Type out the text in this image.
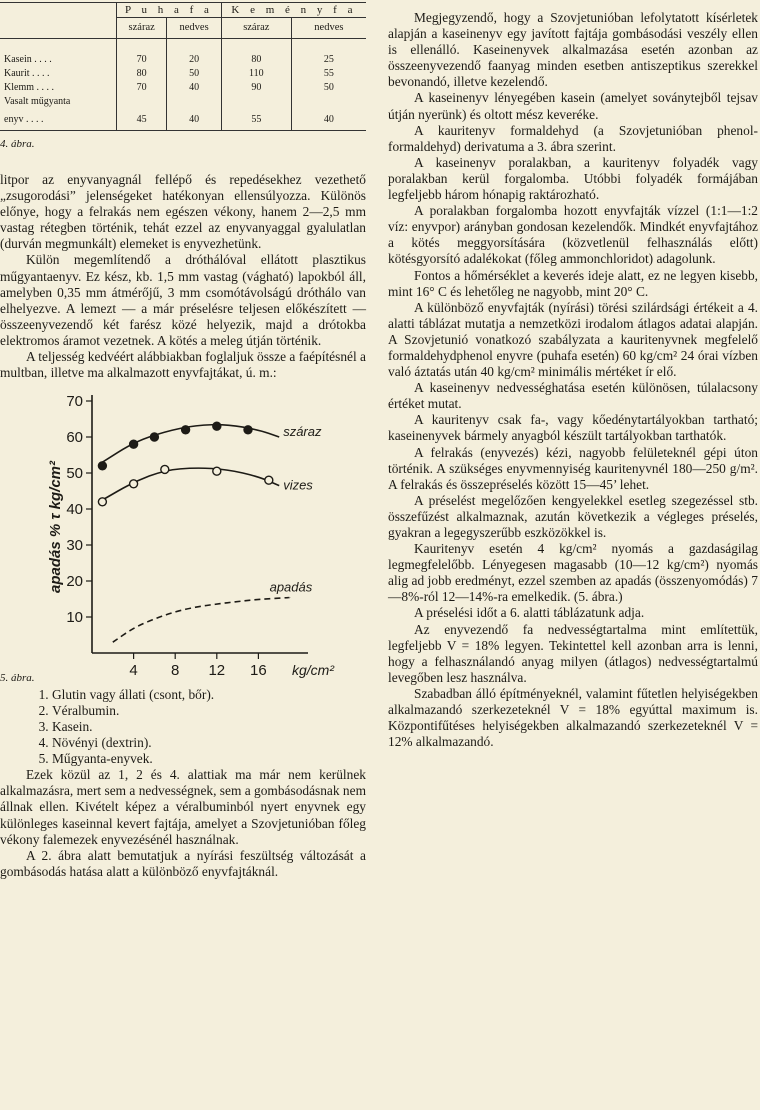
	P u h a f a		K e m é n y f a	
	száraz	nedves	száraz	nedves

Kasein . . . .	70	20	80	25
Kaurit . . . .	80	50	110	55
Klemm . . . .	70	40	90	50
Vasalt műgyanta				
enyv . . . .	45	40	55	40

4. ábra.

litpor az enyvanyagnál fellépő és repedésekhez vezethető „zsugorodási” jelenségeket hatékonyan ellensúlyozza. Különös előnye, hogy a felrakás nem egészen vékony, hanem 2—2,5 mm vastag rétegben történik, tehát ezzel az enyvanyaggal gyalulatlan (durván megmunkált) elemeket is enyvezhetünk.

Külön megemlítendő a dróthálóval ellátott plasztikus műgyantaenyv. Ez kész, kb. 1,5 mm vastag (vágható) lapokból áll, amelyben 0,35 mm átmérőjű, 3 mm csomótávolságú dróthálo van elhelyezve. A lemezt — a már préselésre teljesen előkészített — összeenyvezendő két farész közé helyezik, majd a drótokba elektromos áramot vezetnek. A kötés a meleg útján történik.

A teljesség kedvéért alábbiakban foglaljuk össze a faépítésnél a multban, illetve ma alkalmazott enyvfajtákat, ú. m.:

10
20
30
40
50
60
70
4 8 12 16 kg/cm²
apadás % τ kg/cm²
száraz
vizes
apadás
5. ábra.
1. Glutin vagy állati (csont, bőr).
2. Véralbumin.
3. Kasein.
4. Növényi (dextrin).
5. Műgyanta-enyvek.

Ezek közül az 1, 2 és 4. alattiak ma már nem kerülnek alkalmazásra, mert sem a nedvességnek, sem a gombásodásnak nem állnak ellen. Kivételt képez a véralbuminból nyert enyvnek egy különleges kaseinnal kevert fajtája, amelyet a Szovjetunióban főleg vékony falemezek enyvezésénél használnak.

A 2. ábra alatt bemutatjuk a nyírási feszültség változását a gombásodás hatása alatt a különböző enyvfajtáknál.

Megjegyzendő, hogy a Szovjetunióban lefolytatott kísérletek alapján a kaseinenyv egy javított fajtája gombásodási veszély ellen is ellenálló. Kaseinenyvek alkalmazása esetén azonban az összeenyvezendő faanyag minden esetben antiszeptikus szerekkel bevonandó, illetve kezelendő.

A kaseinenyv lényegében kasein (amelyet soványtejből tejsav útján nyerünk) és oltott mész keveréke.

A kauritenyv formaldehyd (a Szovjetunióban phenol-formaldehyd) derivatuma a 3. ábra szerint.

A kaseinenyv poralakban, a kauritenyv folyadék vagy poralakban kerül forgalomba. Utóbbi folyadék formájában legfeljebb három hónapig raktározható.

A poralakban forgalomba hozott enyvfajták vízzel (1:1—1:2 víz: enyvpor) arányban gondosan kezelendők. Mindkét enyvfajtához a kötés meggyorsítására (közvetlenül felhasználás előtt) kötésgyorsító adalékokat (főleg ammonchloridot) adagolunk.

Fontos a hőmérséklet a keverés ideje alatt, ez ne legyen kisebb, mint 16° C és lehetőleg ne nagyobb, mint 20° C.

A különböző enyvfajták (nyírási) törési szilárdsági értékeit a 4. alatti táblázat mutatja a nemzetközi irodalom átlagos adatai alapján. A Szovjetunió vonatkozó szabályzata a kauritenyvnek megfelelő formaldehydphenol enyvre (puhafa esetén) 60 kg/cm² 24 órai vízben való áztatás után 40 kg/cm² minimális mértéket ír elő.

A kaseinenyv nedvességhatása esetén különösen, túlalacsony értéket mutat.

A kauritenyv csak fa-, vagy kőedénytartályokban tartható; kaseinenyvek bármely anyagból készült tartályokban tarthatók.

A felrakás (enyvezés) kézi, nagyobb felületeknél gépi úton történik. A szükséges enyvmennyiség kauritenyvnél 180—250 g/m². A felrakás és összepréselés között 15—45’ lehet.

A préselést megelőzően kengyelekkel esetleg szegezéssel stb. összefűzést alkalmaznak, azután következik a végleges préselés, gyakran a legegyszerűbb eszközökkel is.

Kauritenyv esetén 4 kg/cm² nyomás a gazdaságilag legmegfelelőbb. Lényegesen magasabb (10—12 kg/cm²) nyomás alig ad jobb eredményt, ezzel szemben az apadás (összenyomódás) 7—8%-ról 12—14%-ra emelkedik. (5. ábra.)

A préselési időt a 6. alatti táblázatunk adja.

Az enyvezendő fa nedvességtartalma mint említettük, legfeljebb V = 18% legyen. Tekintettel kell azonban arra is lenni, hogy a felhasználandó anyag milyen (átlagos) nedvességtartalmú levegőben lesz használva.

Szabadban álló építményeknél, valamint fűtetlen helyiségekben alkalmazandó szerkezeteknél V = 18% egyúttal maximum is. Központifűtéses helyiségekben alkalmazandó szerkezeteknél V = 12% alkalmazandó.
